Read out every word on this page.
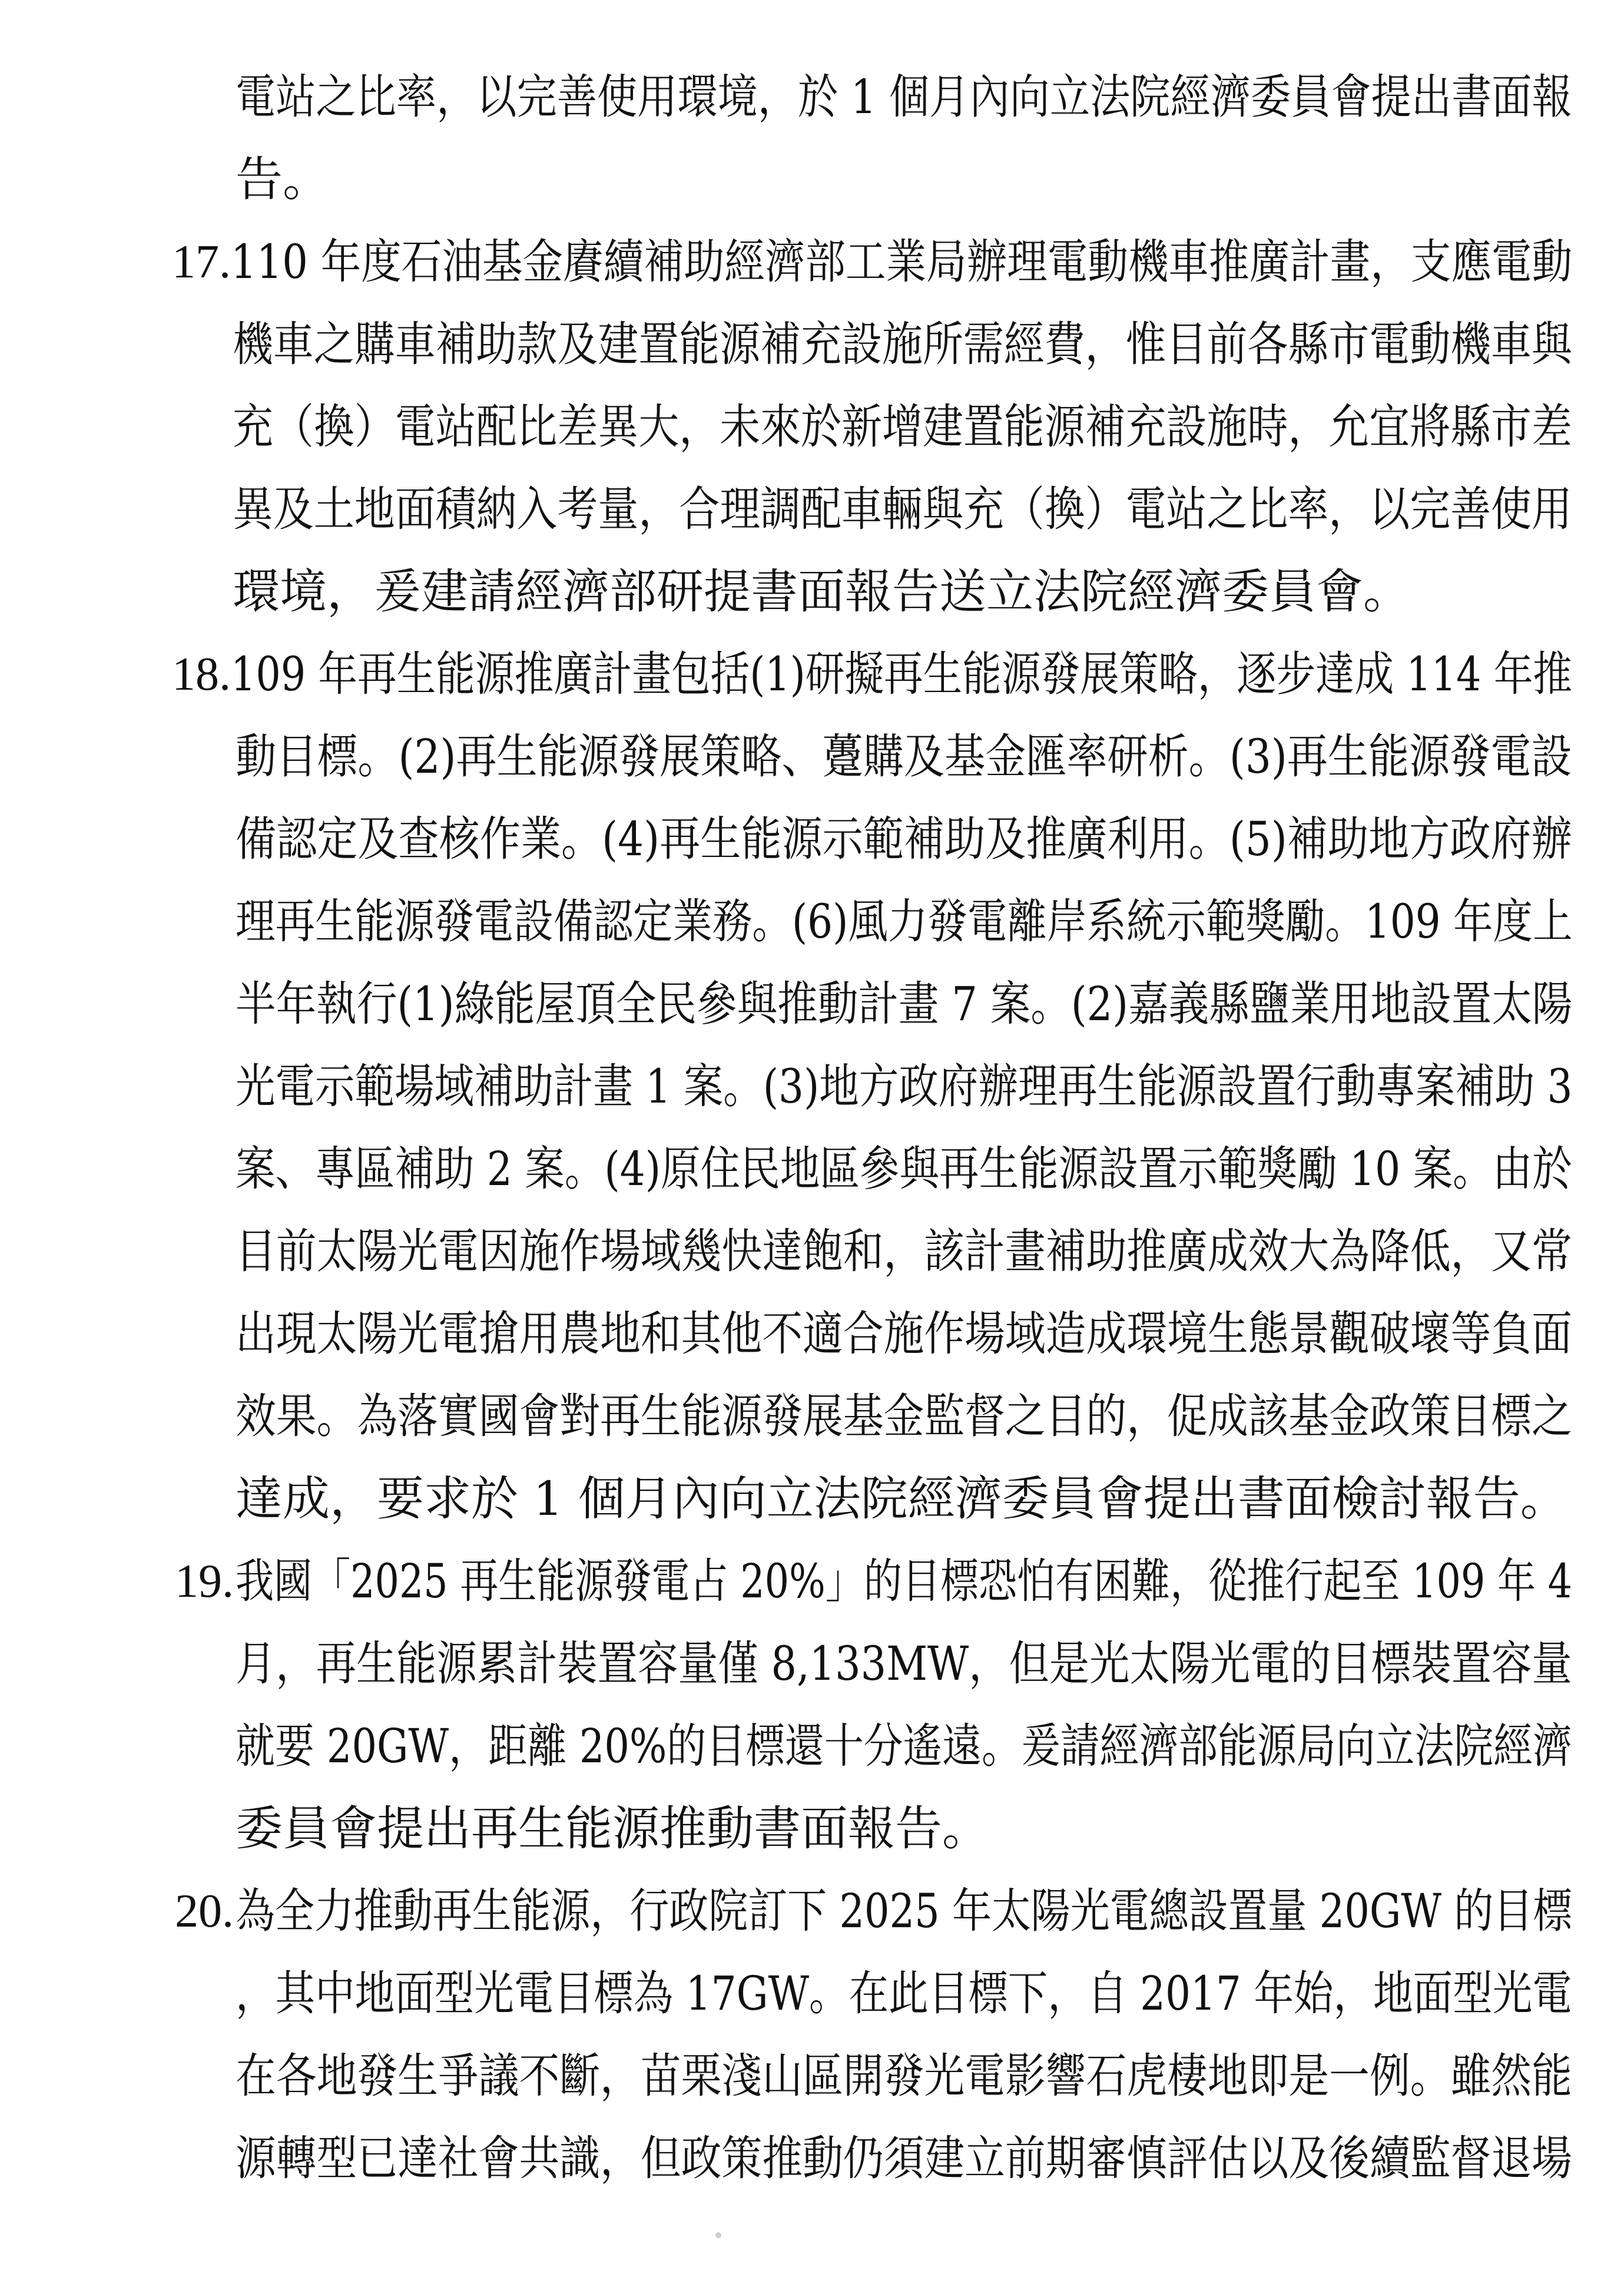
電站之比率，以完善使用環境，於 1 個月內向立法院經濟委員會提出書面報
告。
17. 110 年度石油基金賡續補助經濟部工業局辦理電動機車推廣計畫，支應電動
機車之購車補助款及建置能源補充設施所需經費，惟目前各縣市電動機車與
充（換）電站配比差異大，未來於新增建置能源補充設施時，允宜將縣市差
異及土地面積納入考量，合理調配車輛與充（換）電站之比率，以完善使用
環境，爰建請經濟部研提書面報告送立法院經濟委員會。
18. 109 年再生能源推廣計畫包括(1)研擬再生能源發展策略，逐步達成 114 年推
動目標。(2)再生能源發展策略、躉購及基金匯率研析。(3)再生能源發電設
備認定及查核作業。(4)再生能源示範補助及推廣利用。(5)補助地方政府辦
理再生能源發電設備認定業務。(6)風力發電離岸系統示範獎勵。109 年度上
半年執行(1)綠能屋頂全民參與推動計畫 7 案。(2)嘉義縣鹽業用地設置太陽
光電示範場域補助計畫 1 案。(3)地方政府辦理再生能源設置行動專案補助 3
案、專區補助 2 案。(4)原住民地區參與再生能源設置示範獎勵 10 案。由於
目前太陽光電因施作場域幾快達飽和，該計畫補助推廣成效大為降低，又常
出現太陽光電搶用農地和其他不適合施作場域造成環境生態景觀破壞等負面
效果。為落實國會對再生能源發展基金監督之目的，促成該基金政策目標之
達成，要求於 1 個月內向立法院經濟委員會提出書面檢討報告。
19. 我國「2025 再生能源發電占 20%」的目標恐怕有困難，從推行起至 109 年 4
月，再生能源累計裝置容量僅 8,133MW，但是光太陽光電的目標裝置容量
就要 20GW，距離 20%的目標還十分遙遠。爰請經濟部能源局向立法院經濟
委員會提出再生能源推動書面報告。
20. 為全力推動再生能源，行政院訂下 2025 年太陽光電總設置量 20GW 的目標
，其中地面型光電目標為 17GW。在此目標下，自 2017 年始，地面型光電
在各地發生爭議不斷，苗栗淺山區開發光電影響石虎棲地即是一例。雖然能
源轉型已達社會共識，但政策推動仍須建立前期審慎評估以及後續監督退場
